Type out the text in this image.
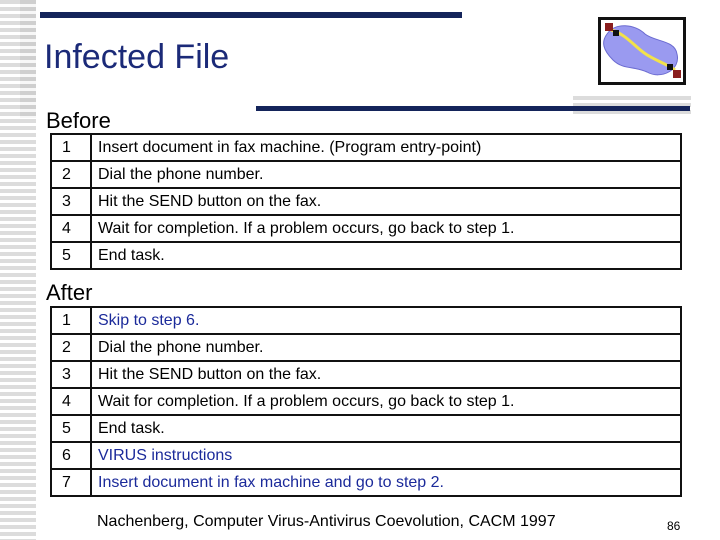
Infected File
Before
1	Insert document in fax machine. (Program entry-point)
2	Dial the phone number.
3	Hit the SEND button on the fax.
4	Wait for completion. If a problem occurs, go back to step 1.
5	End task.
After
1	Skip to step 6.
2	Dial the phone number.
3	Hit the SEND button on the fax.
4	Wait for completion. If a problem occurs, go back to step 1.
5	End task.
6	VIRUS instructions
7	Insert document in fax machine and go to step 2.
Nachenberg, Computer Virus-Antivirus Coevolution, CACM 1997	86
